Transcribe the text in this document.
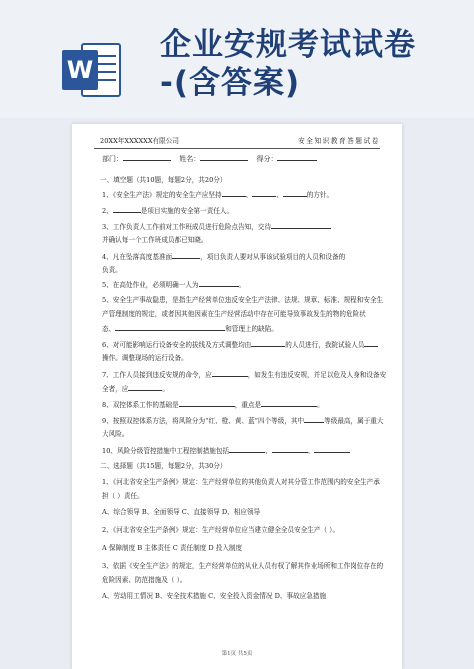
W
企业安规考试试卷
-(含答案)
20XX年XXXXXX有限公司	安全知识教育答题试卷
部门：	姓名：	得分：
一、填空题（共10题，每题2分，共20分）
1、《安全生产法》规定的安全生产应坚持	、	、	的方针。
2、	是项目实施的安全第一责任人。
3、工作负责人工作前对工作班成员进行危险点告知，交待
并确认每一个工作班成员都已知晓。
4、凡在坠落高度基准面	，项目负责人要对从事该试验项目的人员和设备的
负责。
5、在高处作业，必须明确一人为	。
5、安全生产事故隐患，是指生产经营单位违反安全生产法律、法规、规章、标准、规程和安全生
产管理制度的规定，或者因其他因素在生产经营活动中存在可能导致事故发生的物的危险状
态、	和管理上的缺陷。
6、对可能影响运行设备安全的拔线及方式调整均由	的人员进行，我院试验人员
操作。调整现场的运行设备。
7、工作人员接到违反安规的命令，应	，如发生有违反安规，并足以危及人身和设备安
全者，应	。
8、双控体系工作的基础是	，重点是	。
9、按照双控体系方法，将风险分为“红、橙、黄、蓝”四个等级，其中	等级最高，属于重大
大风险。
10、风险分级管控措施中工程控制措施包括	、	、
二、选择题（共15题，每题2分，共30分）
1、《河北省安全生产条例》规定：生产经营单位的其他负责人对其分管工作范围内的安全生产承
担（ ）责任。
A、综合领导 B、全面领导 C、直接领导 D、相应领导
2、《河北省安全生产条例》规定：生产经营单位应当建立健全全员安全生产（ ）。
A 保障制度 B 主体责任 C 责任制度 D 投入制度
3、依据《安全生产法》的规定，生产经营单位的从业人员有权了解其作业场所和工作岗位存在的
危险因素、防范措施及（ ）。
A、劳动用工情况 B、安全技术措施 C、安全投入资金情况 D、事故应急措施
第1页 共5页
